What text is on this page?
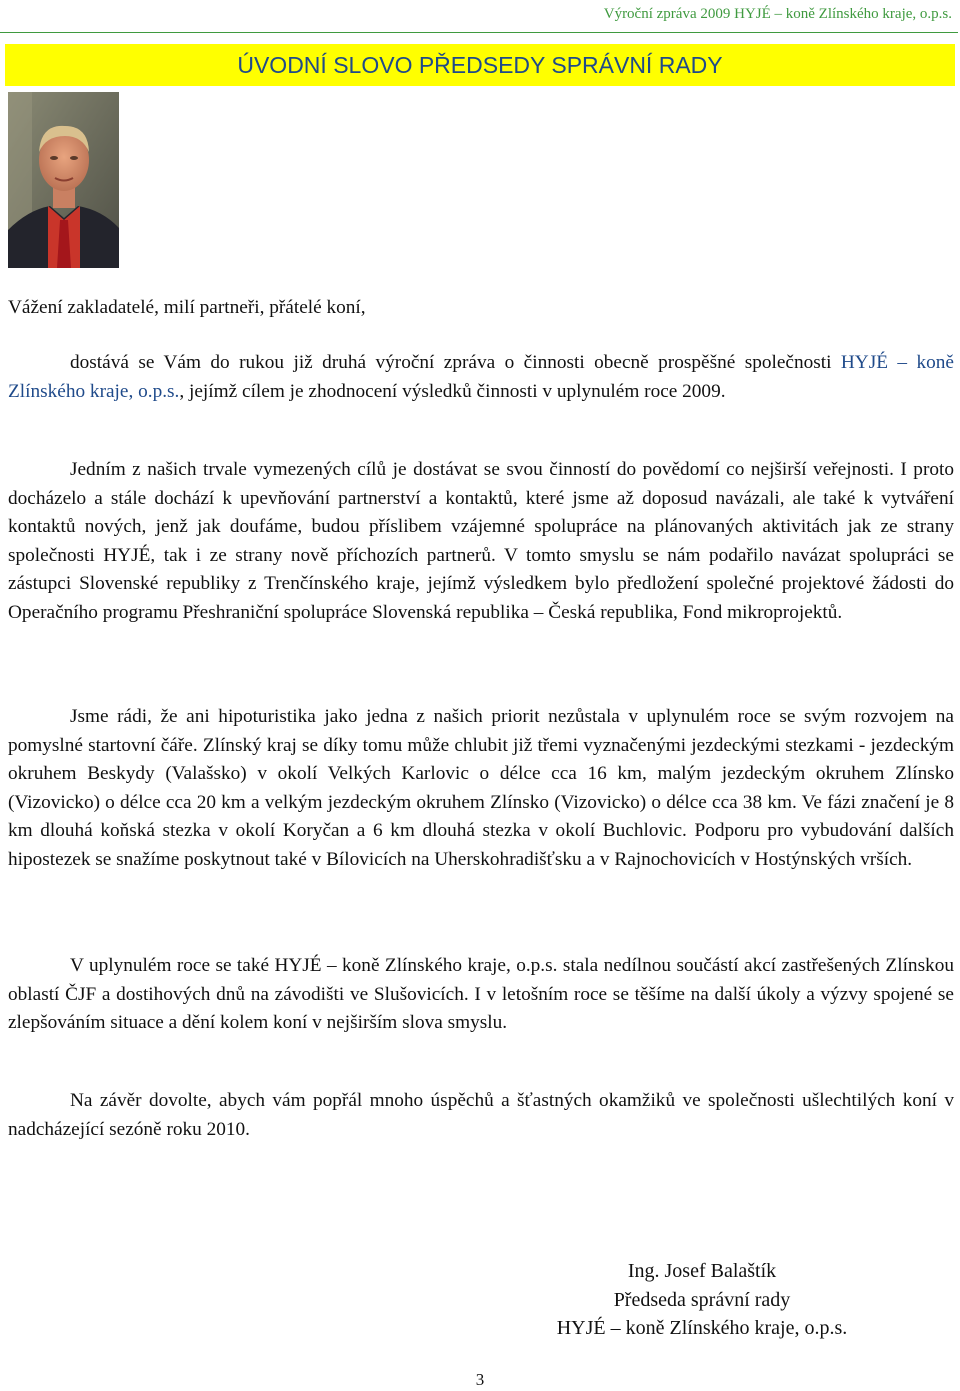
Výroční zpráva 2009 HYJÉ – koně Zlínského kraje, o.p.s.
ÚVODNÍ SLOVO PŘEDSEDY SPRÁVNÍ RADY

Vážení zakladatelé, milí partneři, přátelé koní,

dostává se Vám do rukou již druhá výroční zpráva o činnosti obecně prospěšné společnosti HYJÉ – koně Zlínského kraje, o.p.s., jejímž cílem je zhodnocení výsledků činnosti v uplynulém roce 2009.

Jedním z našich trvale vymezených cílů je dostávat se svou činností do povědomí co nejširší veřejnosti. I proto docházelo a stále dochází k upevňování partnerství a kontaktů, které jsme až doposud navázali, ale také k vytváření kontaktů nových, jenž jak doufáme, budou příslibem vzájemné spolupráce na plánovaných aktivitách jak ze strany společnosti HYJÉ, tak i ze strany nově příchozích partnerů. V tomto smyslu se nám podařilo navázat spolupráci se zástupci Slovenské republiky z Trenčínského kraje, jejímž výsledkem bylo předložení společné projektové žádosti do Operačního programu Přeshraniční spolupráce Slovenská republika – Česká republika, Fond mikroprojektů.

Jsme rádi, že ani hipoturistika jako jedna z našich priorit nezůstala v uplynulém roce se svým rozvojem na pomyslné startovní čáře. Zlínský kraj se díky tomu může chlubit již třemi vyznačenými jezdeckými stezkami - jezdeckým okruhem Beskydy (Valašsko) v okolí Velkých Karlovic o délce cca 16 km, malým jezdeckým okruhem Zlínsko (Vizovicko) o délce cca 20 km a velkým jezdeckým okruhem Zlínsko (Vizovicko) o délce cca 38 km. Ve fázi značení je 8 km dlouhá koňská stezka v okolí Koryčan a 6 km dlouhá stezka v okolí Buchlovic. Podporu pro vybudování dalších hipostezek se snažíme poskytnout také v Bílovicích na Uherskohradišťsku a v Rajnochovicích v Hostýnských vrších.

V uplynulém roce se také HYJÉ – koně Zlínského kraje, o.p.s. stala nedílnou součástí akcí zastřešených Zlínskou oblastí ČJF a dostihových dnů na závodišti ve Slušovicích. I v letošním roce se těšíme na další úkoly a výzvy spojené se zlepšováním situace a dění kolem koní v nejširším slova smyslu.

Na závěr dovolte, abych vám popřál mnoho úspěchů a šťastných okamžiků ve společnosti ušlechtilých koní v nadcházející sezóně roku 2010.

Ing. Josef Balaštík
Předseda správní rady
HYJÉ – koně Zlínského kraje, o.p.s.
3
